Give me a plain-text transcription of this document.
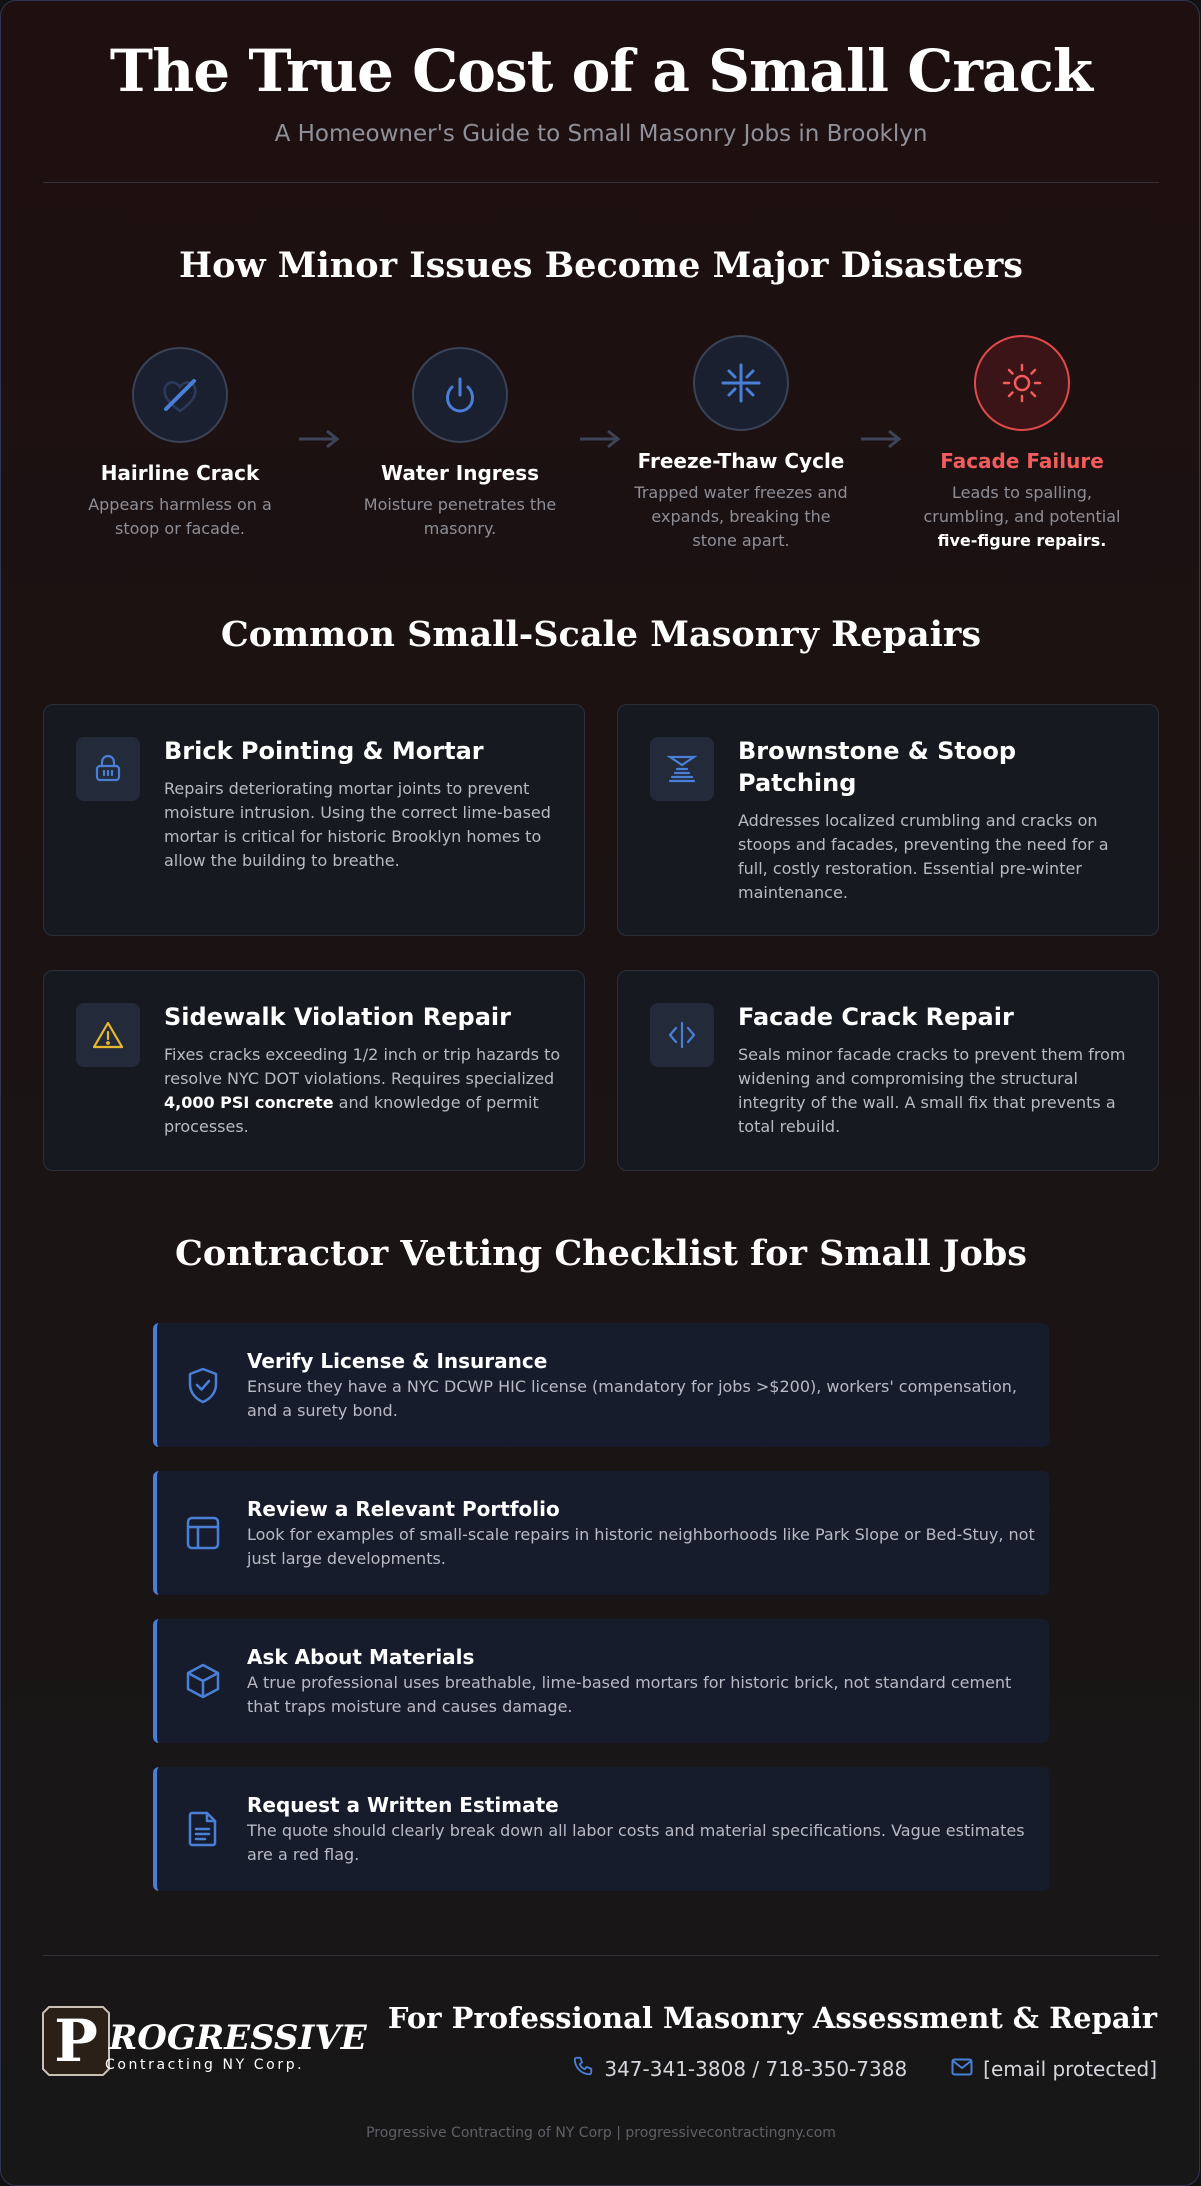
The True Cost of a Small Crack
A Homeowner's Guide to Small Masonry Jobs in Brooklyn
How Minor Issues Become Major Disasters
Hairline Crack
Appears harmless on a stoop or facade.
Water Ingress
Moisture penetrates the masonry.
Freeze-Thaw Cycle
Trapped water freezes and expands, breaking the stone apart.
Facade Failure
Leads to spalling, crumbling, and potential five-figure repairs.
Common Small-Scale Masonry Repairs
Brick Pointing & Mortar
Repairs deteriorating mortar joints to prevent moisture intrusion. Using the correct lime-based mortar is critical for historic Brooklyn homes to allow the building to breathe.
Brownstone & Stoop Patching
Addresses localized crumbling and cracks on stoops and facades, preventing the need for a full, costly restoration. Essential pre-winter maintenance.
Sidewalk Violation Repair
Fixes cracks exceeding 1/2 inch or trip hazards to resolve NYC DOT violations. Requires specialized 4,000 PSI concrete and knowledge of permit processes.
Facade Crack Repair
Seals minor facade cracks to prevent them from widening and compromising the structural integrity of the wall. A small fix that prevents a total rebuild.
Contractor Vetting Checklist for Small Jobs
Verify License & Insurance
Ensure they have a NYC DCWP HIC license (mandatory for jobs >$200), workers' compensation, and a surety bond.
Review a Relevant Portfolio
Look for examples of small-scale repairs in historic neighborhoods like Park Slope or Bed-Stuy, not just large developments.
Ask About Materials
A true professional uses breathable, lime-based mortars for historic brick, not standard cement that traps moisture and causes damage.
Request a Written Estimate
The quote should clearly break down all labor costs and material specifications. Vague estimates are a red flag.
P ROGRESSIVE
Contracting NY Corp.
For Professional Masonry Assessment & Repair
347-341-3808 / 718-350-7388	[email protected]
Progressive Contracting of NY Corp | progressivecontractingny.com
